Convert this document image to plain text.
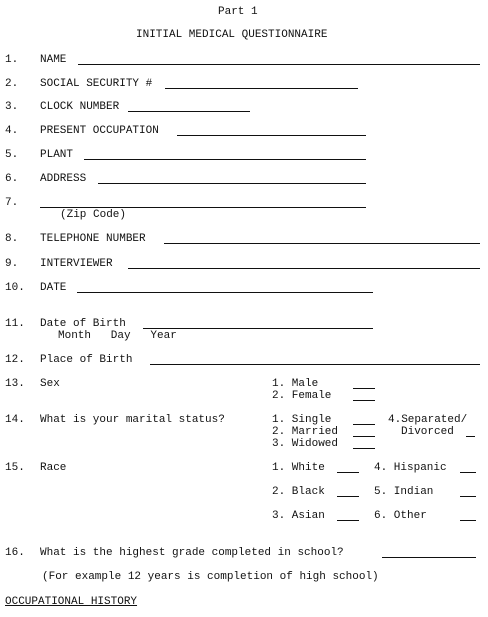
Part 1
INITIAL MEDICAL QUESTIONNAIRE
1. NAME
2. SOCIAL SECURITY #
3. CLOCK NUMBER
4. PRESENT OCCUPATION
5. PLANT
6. ADDRESS
7.
(Zip Code)
8. TELEPHONE NUMBER
9. INTERVIEWER
10. DATE
11. Date of Birth
Month   Day   Year
12. Place of Birth
13. Sex	1. Male
2. Female
14. What is your marital status?	1. Single
2. Married
3. Widowed
4.Separated/
Divorced
15. Race	1. White	4. Hispanic
2. Black	5. Indian
3. Asian	6. Other
16. What is the highest grade completed in school?
(For example 12 years is completion of high school)
OCCUPATIONAL HISTORY
